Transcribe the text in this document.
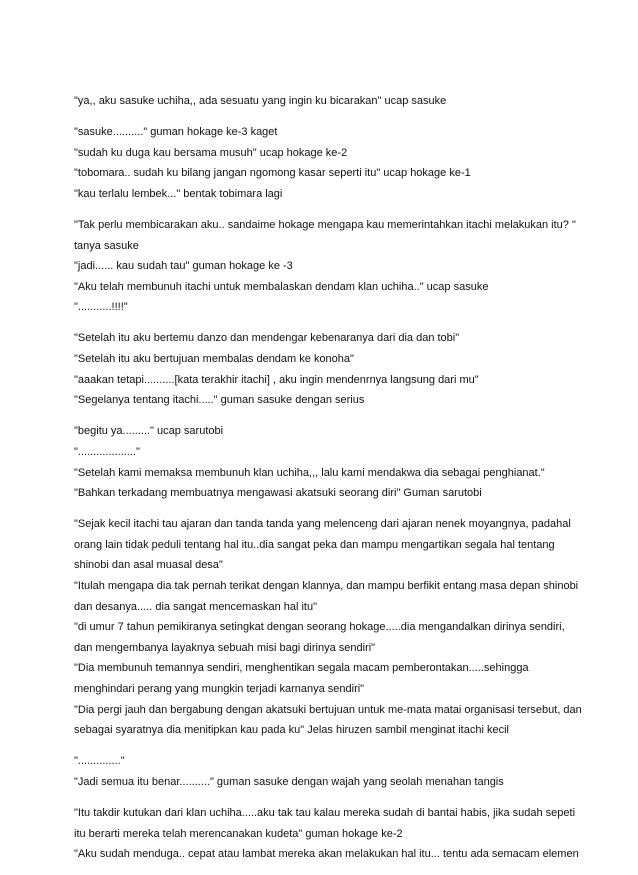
"ya,, aku sasuke uchiha,, ada sesuatu yang ingin ku bicarakan" ucap sasuke
"sasuke.........." guman hokage ke-3 kaget
"sudah ku duga kau bersama musuh" ucap hokage ke-2
"tobomara.. sudah ku bilang jangan ngomong kasar seperti itu" ucap hokage ke-1
"kau terlalu lembek..." bentak tobimara lagi
"Tak perlu membicarakan aku.. sandaime hokage mengapa kau memerintahkan itachi melakukan itu? "
tanya sasuke
"jadi...... kau sudah tau" guman hokage ke -3
"Aku telah membunuh itachi untuk membalaskan dendam klan uchiha.." ucap sasuke
"...........!!!!"
"Setelah itu aku bertemu danzo dan mendengar kebenaranya dari dia dan tobi"
"Setelah itu aku bertujuan membalas dendam ke konoha"
"aaakan tetapi..........[kata terakhir itachi] , aku ingin mendenrnya langsung dari mu"
"Segelanya tentang itachi....." guman sasuke dengan serius
"begitu ya........." ucap sarutobi
"..................."
"Setelah kami memaksa membunuh klan uchiha,,, lalu kami mendakwa dia sebagai penghianat."
"Bahkan terkadang membuatnya mengawasi akatsuki seorang diri" Guman sarutobi
"Sejak kecil itachi tau ajaran dan tanda tanda yang melenceng dari ajaran nenek moyangnya, padahal
orang lain tidak peduli tentang hal itu..dia sangat peka dan mampu mengartikan segala hal tentang
shinobi dan asal muasal desa"
"Itulah mengapa dia tak pernah terikat dengan klannya, dan mampu berfikit entang masa depan shinobi
dan desanya..... dia sangat mencemaskan hal itu"
"di umur 7 tahun pemikiranya setingkat dengan seorang hokage.....dia mengandalkan dirinya sendiri,
dan mengembanya layaknya sebuah misi bagi dirinya sendiri"
"Dia membunuh temannya sendiri, menghentikan segala macam pemberontakan.....sehingga
menghindari perang yang mungkin terjadi karnanya sendiri"
"Dia pergi jauh dan bergabung dengan akatsuki bertujuan untuk me-mata matai organisasi tersebut, dan
sebagai syaratnya dia menitipkan kau pada ku" Jelas hiruzen sambil menginat itachi kecil
".............."
"Jadi semua itu benar.........." guman sasuke dengan wajah yang seolah menahan tangis
"Itu takdir kutukan dari klan uchiha.....aku tak tau kalau mereka sudah di bantai habis, jika sudah sepeti
itu berarti mereka telah merencanakan kudeta" guman hokage ke-2
"Aku sudah menduga.. cepat atau lambat mereka akan melakukan hal itu... tentu ada semacam elemen
